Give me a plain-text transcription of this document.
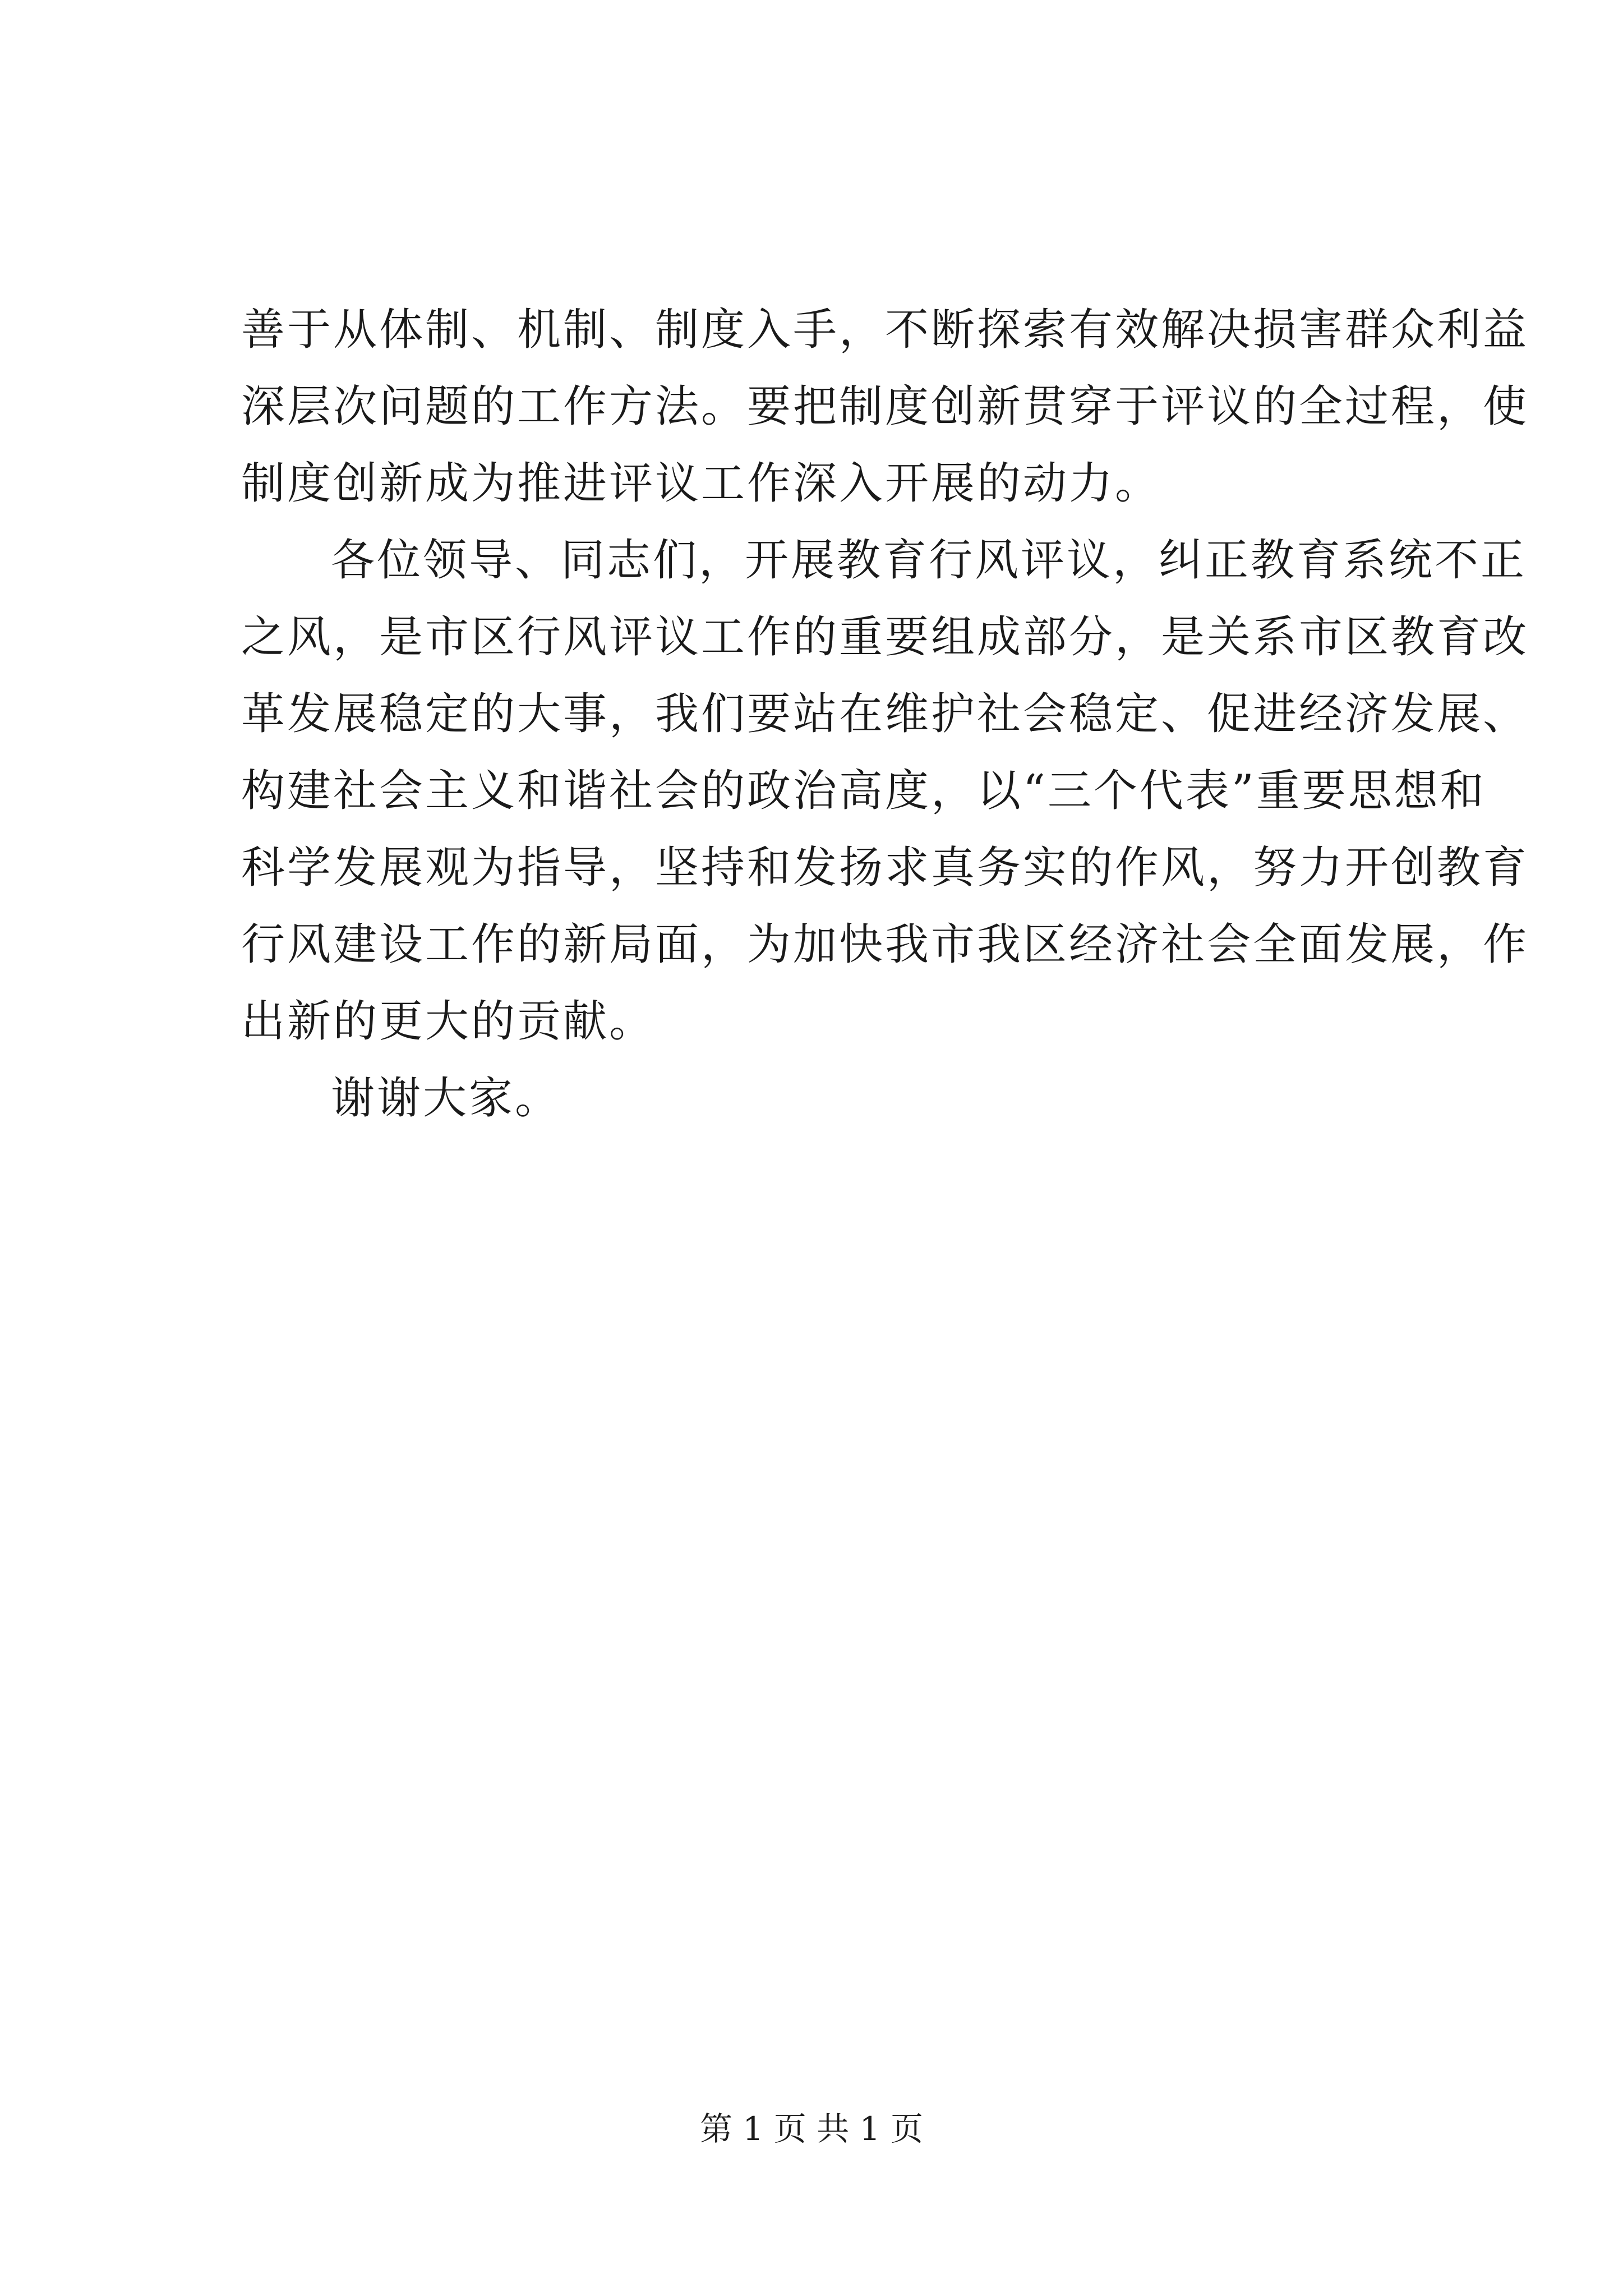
善于从体制、机制、制度入手，不断探索有效解决损害群众利益
深层次问题的工作方法。要把制度创新贯穿于评议的全过程，使
制度创新成为推进评议工作深入开展的动力。
各位领导、同志们，开展教育行风评议，纠正教育系统不正
之风，是市区行风评议工作的重要组成部分，是关系市区教育改
革发展稳定的大事，我们要站在维护社会稳定、促进经济发展、
构建社会主义和谐社会的政治高度，以“三个代表”重要思想和
科学发展观为指导，坚持和发扬求真务实的作风，努力开创教育
行风建设工作的新局面，为加快我市我区经济社会全面发展，作
出新的更大的贡献。
谢谢大家。
第 1 页 共 1 页
